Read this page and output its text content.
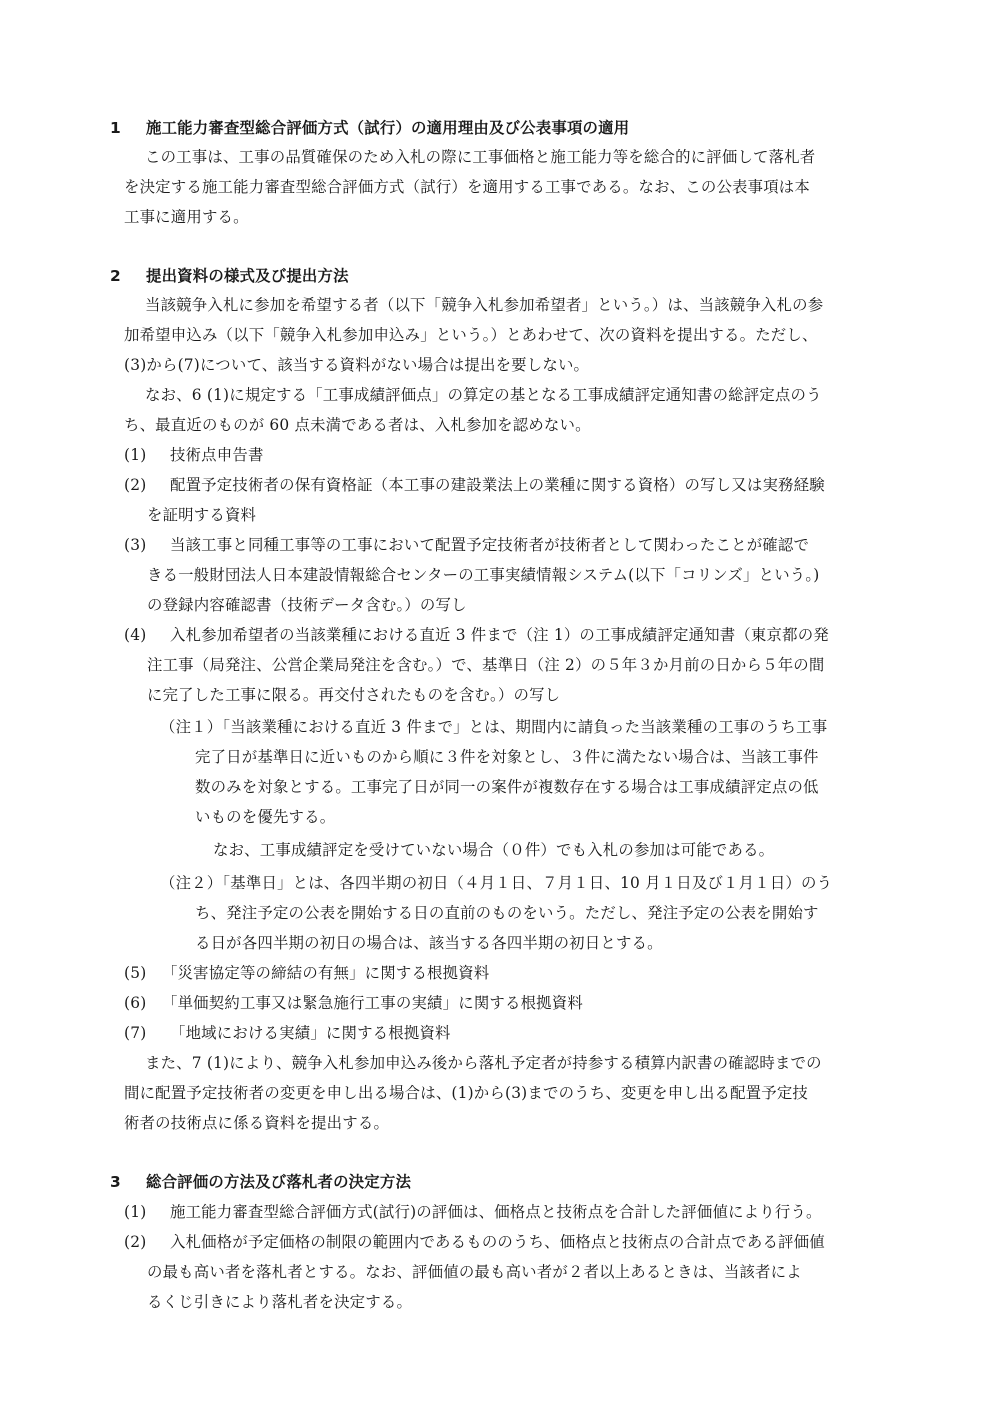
1 施工能力審査型総合評価方式（試行）の適用理由及び公表事項の適用
この工事は、工事の品質確保のため入札の際に工事価格と施工能力等を総合的に評価して落札者
を決定する施工能力審査型総合評価方式（試行）を適用する工事である。なお、この公表事項は本
工事に適用する。
2 提出資料の様式及び提出方法
当該競争入札に参加を希望する者（以下「競争入札参加希望者」という。）は、当該競争入札の参
加希望申込み（以下「競争入札参加申込み」という。）とあわせて、次の資料を提出する。ただし、
(3)から(7)について、該当する資料がない場合は提出を要しない。
なお、6 (1)に規定する「工事成績評価点」の算定の基となる工事成績評定通知書の総評定点のう
ち、最直近のものが 60 点未満である者は、入札参加を認めない。
(1) 技術点申告書
(2) 配置予定技術者の保有資格証（本工事の建設業法上の業種に関する資格）の写し又は実務経験
を証明する資料
(3) 当該工事と同種工事等の工事において配置予定技術者が技術者として関わったことが確認で
きる一般財団法人日本建設情報総合センターの工事実績情報システム(以下「コリンズ」という。)
の登録内容確認書（技術データ含む。）の写し
(4) 入札参加希望者の当該業種における直近 3 件まで（注 1）の工事成績評定通知書（東京都の発
注工事（局発注、公営企業局発注を含む。）で、基準日（注 2）の５年３か月前の日から５年の間
に完了した工事に限る。再交付されたものを含む。）の写し
（注１）「当該業種における直近 3 件まで」とは、期間内に請負った当該業種の工事のうち工事
完了日が基準日に近いものから順に３件を対象とし、３件に満たない場合は、当該工事件
数のみを対象とする。工事完了日が同一の案件が複数存在する場合は工事成績評定点の低
いものを優先する。
なお、工事成績評定を受けていない場合（０件）でも入札の参加は可能である。
（注２）「基準日」とは、各四半期の初日（４月１日、７月１日、10 月１日及び１月１日）のう
ち、発注予定の公表を開始する日の直前のものをいう。ただし、発注予定の公表を開始す
る日が各四半期の初日の場合は、該当する各四半期の初日とする。
(5) 「災害協定等の締結の有無」に関する根拠資料
(6) 「単価契約工事又は緊急施行工事の実績」に関する根拠資料
(7) 「地域における実績」に関する根拠資料
また、7 (1)により、競争入札参加申込み後から落札予定者が持参する積算内訳書の確認時までの
間に配置予定技術者の変更を申し出る場合は、(1)から(3)までのうち、変更を申し出る配置予定技
術者の技術点に係る資料を提出する。
3 総合評価の方法及び落札者の決定方法
(1) 施工能力審査型総合評価方式(試行)の評価は、価格点と技術点を合計した評価値により行う。
(2) 入札価格が予定価格の制限の範囲内であるもののうち、価格点と技術点の合計点である評価値
の最も高い者を落札者とする。なお、評価値の最も高い者が２者以上あるときは、当該者によ
るくじ引きにより落札者を決定する。
